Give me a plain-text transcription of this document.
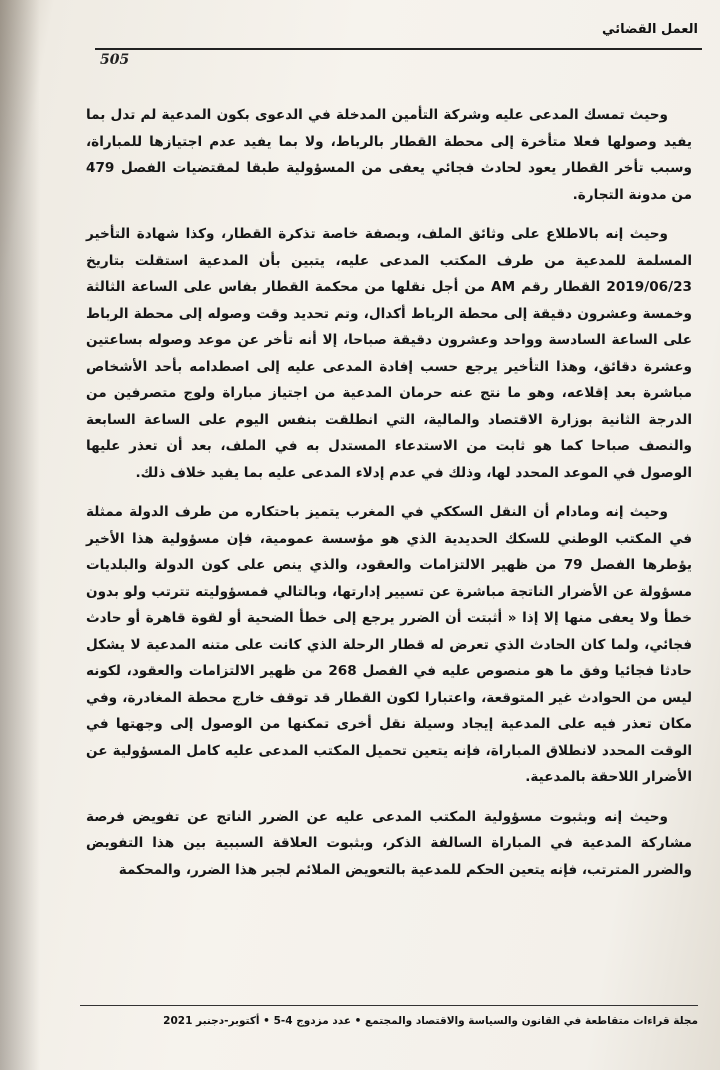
العمل القضائي
505

وحيث تمسك المدعى عليه وشركة التأمين المدخلة في الدعوى بكون المدعية لم تدل بما يفيد وصولها فعلا متأخرة إلى محطة القطار بالرباط، ولا بما يفيد عدم اجتيازها للمباراة، وسبب تأخر القطار يعود لحادث فجائي يعفى من المسؤولية طبقا لمقتضيات الفصل 479 من مدونة التجارة.

وحيث إنه بالاطلاع على وثائق الملف، وبصفة خاصة تذكرة القطار، وكذا شهادة التأخير المسلمة للمدعية من طرف المكتب المدعى عليه، يتبين بأن المدعية استقلت بتاريخ 2019/06/23 القطار رقم AM من أجل نقلها من محكمة القطار بفاس على الساعة الثالثة وخمسة وعشرون دقيقة إلى محطة الرباط أكدال، وتم تحديد وقت وصوله إلى محطة الرباط على الساعة السادسة وواحد وعشرون دقيقة صباحا، إلا أنه تأخر عن موعد وصوله بساعتين وعشرة دقائق، وهذا التأخير يرجع حسب إفادة المدعى عليه إلى اصطدامه بأحد الأشخاص مباشرة بعد إقلاعه، وهو ما نتج عنه حرمان المدعية من اجتياز مباراة ولوج متصرفين من الدرجة الثانية بوزارة الاقتصاد والمالية، التي انطلقت بنفس اليوم على الساعة السابعة والنصف صباحا كما هو ثابت من الاستدعاء المستدل به في الملف، بعد أن تعذر عليها الوصول في الموعد المحدد لها، وذلك في عدم إدلاء المدعى عليه بما يفيد خلاف ذلك.

وحيث إنه ومادام أن النقل السككي في المغرب يتميز باحتكاره من طرف الدولة ممثلة في المكتب الوطني للسكك الحديدية الذي هو مؤسسة عمومية، فإن مسؤولية هذا الأخير يؤطرها الفصل 79 من ظهير الالتزامات والعقود، والذي ينص على كون الدولة والبلديات مسؤولة عن الأضرار الناتجة مباشرة عن تسيير إدارتها، وبالتالي فمسؤوليته تترتب ولو بدون خطأ ولا يعفى منها إلا إذا « أثبتت أن الضرر يرجع إلى خطأ الضحية أو لقوة قاهرة أو حادث فجائي، ولما كان الحادث الذي تعرض له قطار الرحلة الذي كانت على متنه المدعية لا يشكل حادثا فجائيا وفق ما هو منصوص عليه في الفصل 268 من ظهير الالتزامات والعقود، لكونه ليس من الحوادث غير المتوقعة، واعتبارا لكون القطار قد توقف خارج محطة المغادرة، وفي مكان تعذر فيه على المدعية إيجاد وسيلة نقل أخرى تمكنها من الوصول إلى وجهتها في الوقت المحدد لانطلاق المباراة، فإنه يتعين تحميل المكتب المدعى عليه كامل المسؤولية عن الأضرار اللاحقة بالمدعية.

وحيث إنه وبثبوت مسؤولية المكتب المدعى عليه عن الضرر الناتج عن تفويض فرصة مشاركة المدعية في المباراة السالفة الذكر، وبثبوت العلاقة السببية بين هذا التفويض والضرر المترتب، فإنه يتعين الحكم للمدعية بالتعويض الملائم لجبر هذا الضرر، والمحكمة

مجلة قراءات متقاطعة في القانون والسياسة والاقتصاد والمجتمع • عدد مزدوج 4-5 • أكتوبر-دجنبر 2021
